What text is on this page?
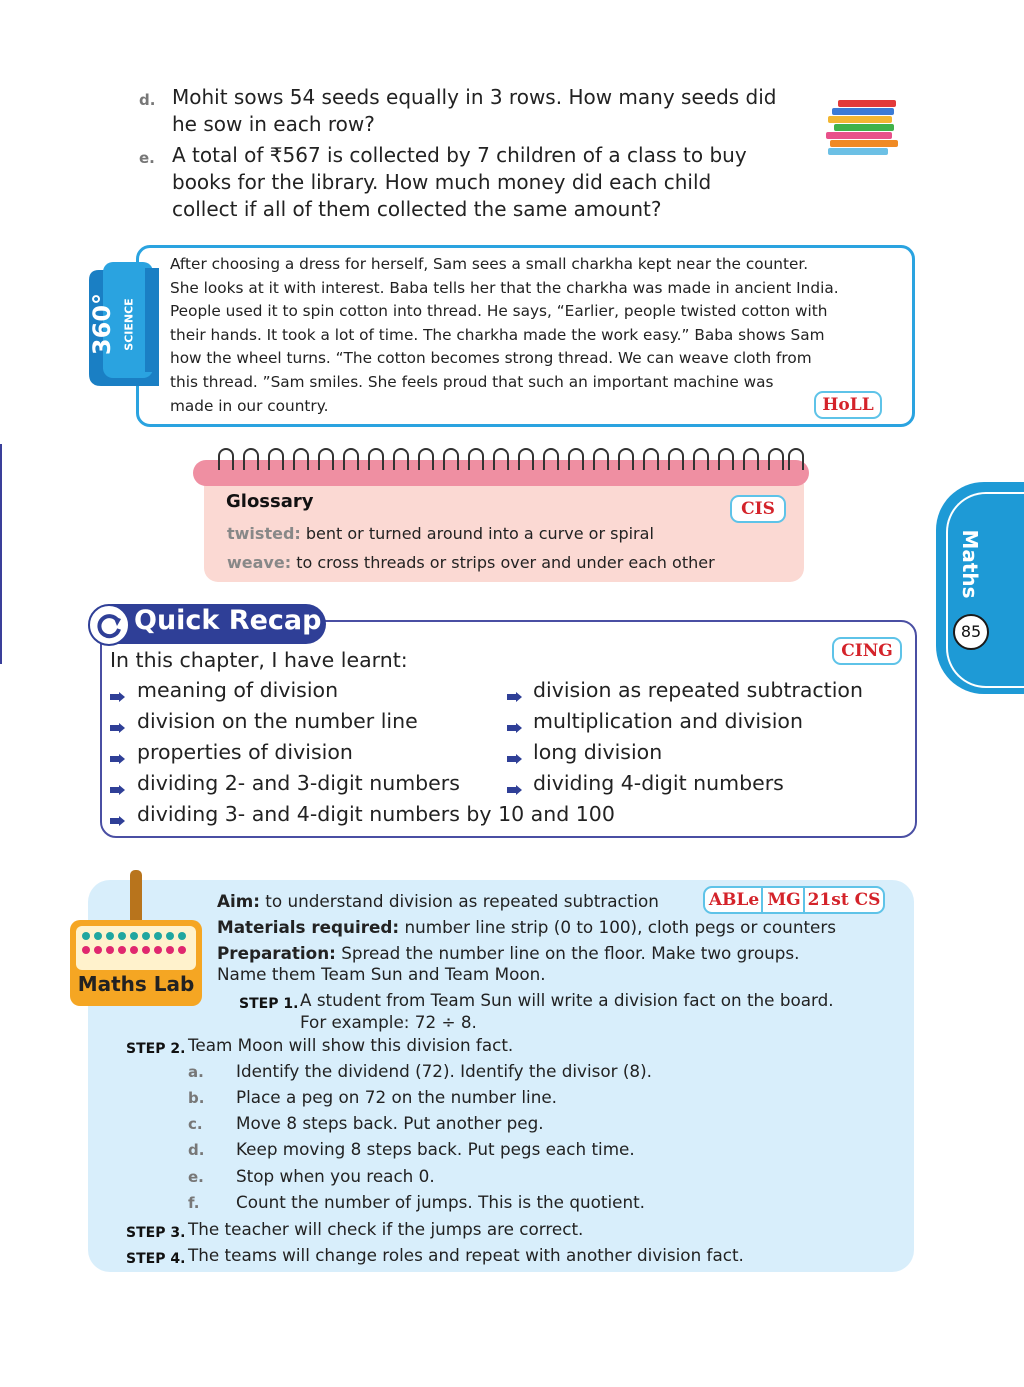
d. Mohit sows 54 seeds equally in 3 rows. How many seeds did
he sow in each row?
e. A total of ₹567 is collected by 7 children of a class to buy
books for the library. How much money did each child
collect if all of them collected the same amount?
360° SCIENCE
After choosing a dress for herself, Sam sees a small charkha kept near the counter.
She looks at it with interest. Baba tells her that the charkha was made in ancient India.
People used it to spin cotton into thread. He says, “Earlier, people twisted cotton with
their hands. It took a lot of time. The charkha made the work easy.” Baba shows Sam
how the wheel turns. “The cotton becomes strong thread. We can weave cloth from
this thread. ”Sam smiles. She feels proud that such an important machine was
made in our country.	HoLL
Glossary	CIS
twisted: bent or turned around into a curve or spiral
weave: to cross threads or strips over and under each other
Quick Recap
CING
In this chapter, I have learnt:
meaning of division
division on the number line
properties of division
dividing 2- and 3-digit numbers
dividing 3- and 4-digit numbers by 10 and 100
division as repeated subtraction
multiplication and division
long division
dividing 4-digit numbers
Maths Lab
Aim: to understand division as repeated subtraction	ABLe MG 21st CS
Materials required: number line strip (0 to 100), cloth pegs or counters
Preparation: Spread the number line on the floor. Make two groups.
Name them Team Sun and Team Moon.
STEP 1. A student from Team Sun will write a division fact on the board.
For example: 72 ÷ 8.
STEP 2. Team Moon will show this division fact.
a. Identify the dividend (72). Identify the divisor (8).
b. Place a peg on 72 on the number line.
c. Move 8 steps back. Put another peg.
d. Keep moving 8 steps back. Put pegs each time.
e. Stop when you reach 0.
f. Count the number of jumps. This is the quotient.
STEP 3. The teacher will check if the jumps are correct.
STEP 4. The teams will change roles and repeat with another division fact.
Maths
85
